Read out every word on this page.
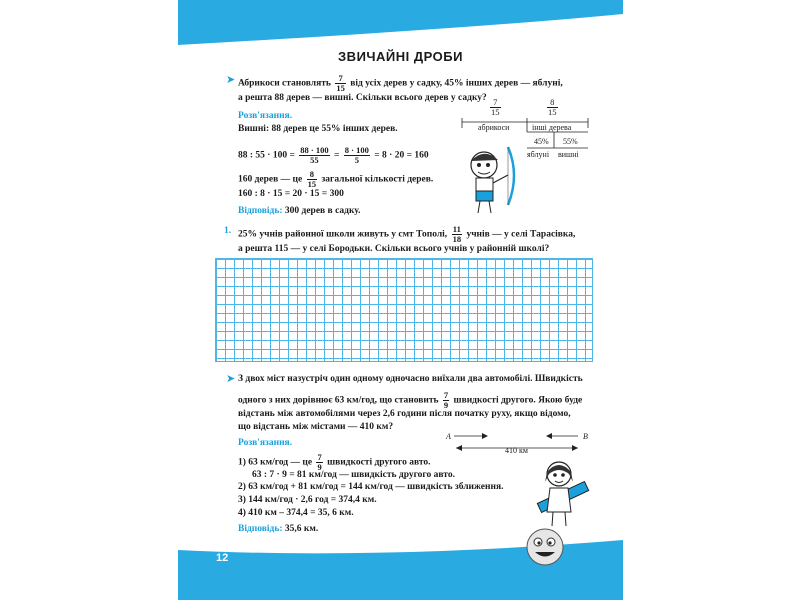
ЗВИЧАЙНІ ДРОБИ
➤ Абрикоси становлять $\frac{7}{15}$ від усіх дерев у садку, 45% інших дерев — яблуні,
а решта 88 дерев — вишні. Скільки всього дерев у садку?
Розв'язання.
Вишні: 88 дерев це 55% інших дерев.
88 : $55 \cdot 100 = \frac{88 \cdot 100}{55} = \frac{8 \cdot 100}{5} = 8 \cdot 20 = 160$
160 дерев — це $\frac{8}{15}$ загальної кількості дерев.
160 : 8 · 15 = 20 · 15 = 300
Відповідь: 300 дерев в садку.
$\frac{7}{15}$	$\frac{8}{15}$
абрикоси	інші дерева
45% 55%
яблуні вишні
1. 25% учнів районної школи живуть у смт Тополі, $\frac{11}{18}$ учнів — у селі Тарасівка,
а решта 115 — у селі Бородьки. Скільки всього учнів у районній школі?
➤ З двох міст назустріч один одному одночасно виїхали два автомобілі. Швидкість
одного з них дорівнює 63 км/год, що становить $\frac{7}{9}$ швидкості другого. Якою буде
відстань між автомобілями через 2,6 години після початку руху, якщо відомо,
що відстань між містами — 410 км?
Розв'язання.
1) 63 км/год — це $\frac{7}{9}$ швидкості другого авто.
63 : 7 · 9 = 81 км/год — швидкість другого авто.
2) 63 км/год + 81 км/год = 144 км/год — швидкість зближення.
3) 144 км/год · 2,6 год = 374,4 км.
4) 410 км – 374,4 = 35, 6 км.
Відповідь: 35,6 км.
A	B
410 км
12
